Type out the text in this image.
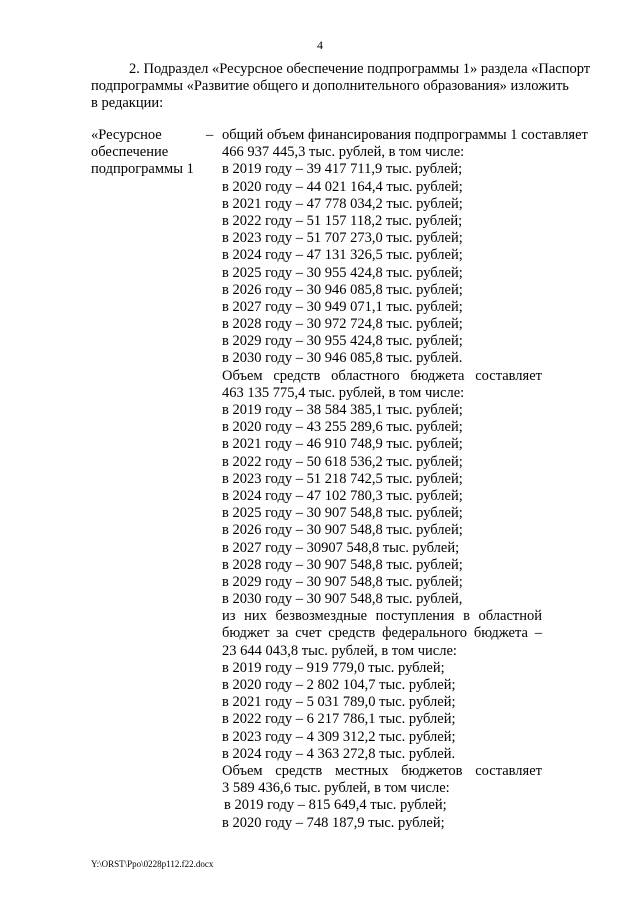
4
2. Подраздел «Ресурсное обеспечение подпрограммы 1» раздела «Паспорт
подпрограммы «Развитие общего и дополнительного образования» изложить
в редакции:
«Ресурсное
обеспечение
подпрограммы 1
– общий объем финансирования подпрограммы 1 составляет
466 937 445,3 тыс. рублей, в том числе:
в 2019 году – 39 417 711,9 тыс. рублей;
в 2020 году – 44 021 164,4 тыс. рублей;
в 2021 году – 47 778 034,2 тыс. рублей;
в 2022 году – 51 157 118,2 тыс. рублей;
в 2023 году – 51 707 273,0 тыс. рублей;
в 2024 году – 47 131 326,5 тыс. рублей;
в 2025 году – 30 955 424,8 тыс. рублей;
в 2026 году – 30 946 085,8 тыс. рублей;
в 2027 году – 30 949 071,1 тыс. рублей;
в 2028 году – 30 972 724,8 тыс. рублей;
в 2029 году – 30 955 424,8 тыс. рублей;
в 2030 году – 30 946 085,8 тыс. рублей.
Объем средств областного бюджета составляет
463 135 775,4 тыс. рублей, в том числе:
в 2019 году – 38 584 385,1 тыс. рублей;
в 2020 году – 43 255 289,6 тыс. рублей;
в 2021 году – 46 910 748,9 тыс. рублей;
в 2022 году – 50 618 536,2 тыс. рублей;
в 2023 году – 51 218 742,5 тыс. рублей;
в 2024 году – 47 102 780,3 тыс. рублей;
в 2025 году – 30 907 548,8 тыс. рублей;
в 2026 году – 30 907 548,8 тыс. рублей;
в 2027 году – 30907 548,8 тыс. рублей;
в 2028 году – 30 907 548,8 тыс. рублей;
в 2029 году – 30 907 548,8 тыс. рублей;
в 2030 году – 30 907 548,8 тыс. рублей,
из них безвозмездные поступления в областной
бюджет за счет средств федерального бюджета –
23 644 043,8 тыс. рублей, в том числе:
в 2019 году – 919 779,0 тыс. рублей;
в 2020 году – 2 802 104,7 тыс. рублей;
в 2021 году – 5 031 789,0 тыс. рублей;
в 2022 году – 6 217 786,1 тыс. рублей;
в 2023 году – 4 309 312,2 тыс. рублей;
в 2024 году – 4 363 272,8 тыс. рублей.
Объем средств местных бюджетов составляет
3 589 436,6 тыс. рублей, в том числе:
в 2019 году – 815 649,4 тыс. рублей;
в 2020 году – 748 187,9 тыс. рублей;
Y:\ORST\Ppo\0228p112.f22.docx
